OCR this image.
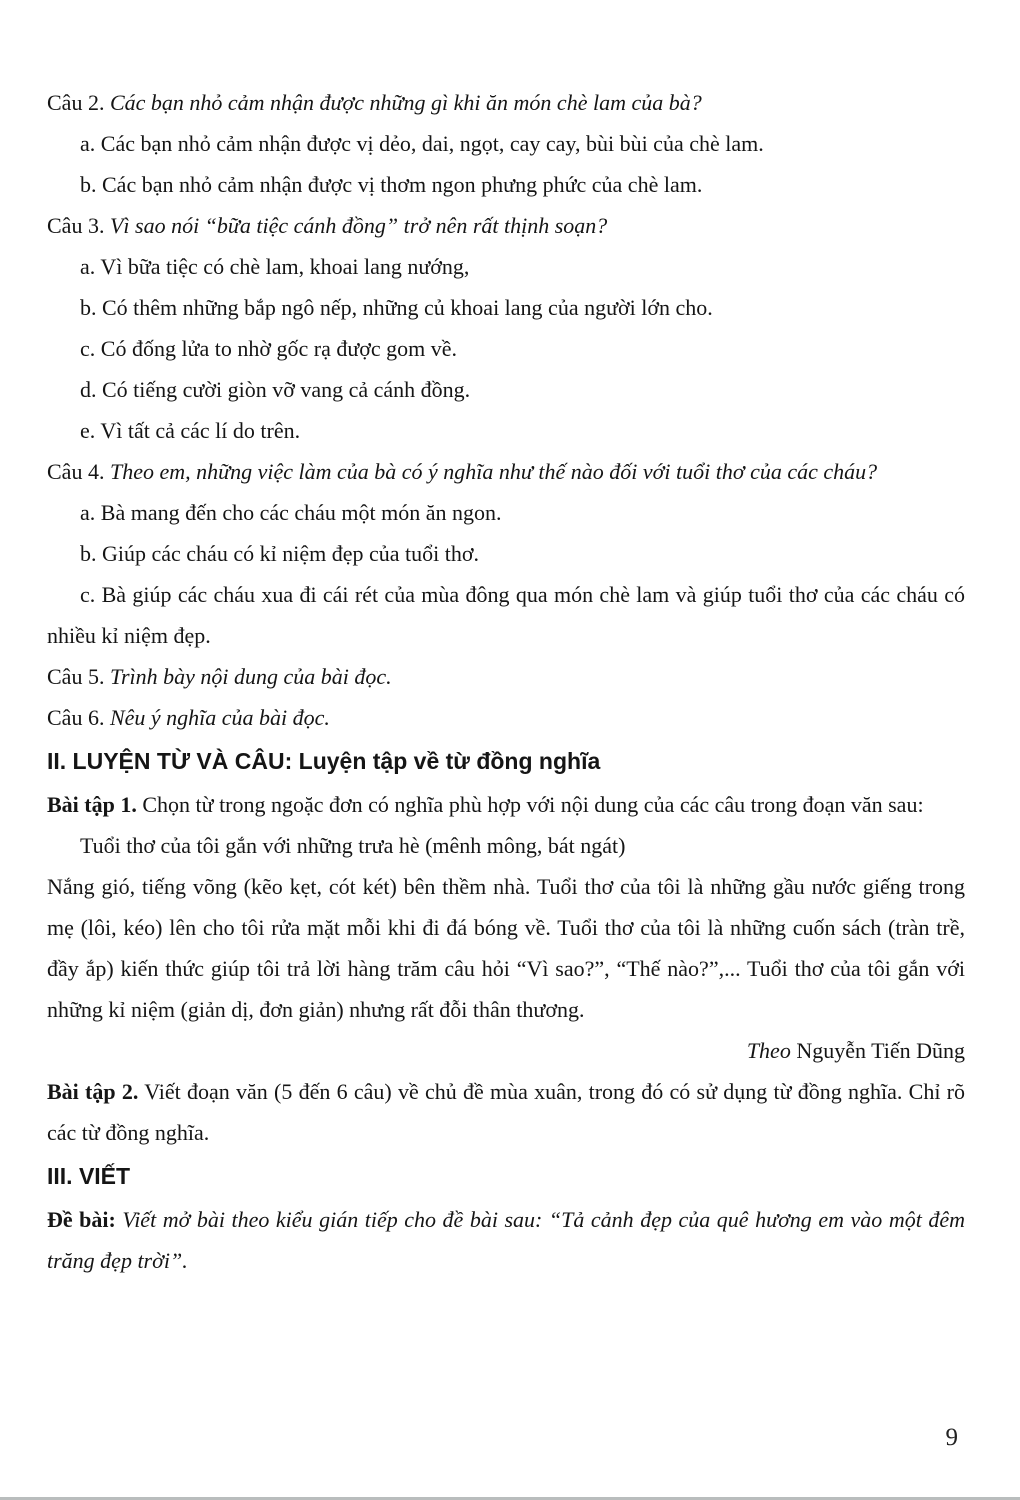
Câu 2. Các bạn nhỏ cảm nhận được những gì khi ăn món chè lam của bà?

a. Các bạn nhỏ cảm nhận được vị dẻo, dai, ngọt, cay cay, bùi bùi của chè lam.

b. Các bạn nhỏ cảm nhận được vị thơm ngon phưng phức của chè lam.

Câu 3. Vì sao nói “bữa tiệc cánh đồng” trở nên rất thịnh soạn?

a. Vì bữa tiệc có chè lam, khoai lang nướng,

b. Có thêm những bắp ngô nếp, những củ khoai lang của người lớn cho.

c. Có đống lửa to nhờ gốc rạ được gom về.

d. Có tiếng cười giòn vỡ vang cả cánh đồng.

e. Vì tất cả các lí do trên.

Câu 4. Theo em, những việc làm của bà có ý nghĩa như thế nào đối với tuổi thơ của các cháu?

a. Bà mang đến cho các cháu một món ăn ngon.

b. Giúp các cháu có kỉ niệm đẹp của tuổi thơ.

c. Bà giúp các cháu xua đi cái rét của mùa đông qua món chè lam và giúp tuổi thơ của các cháu có nhiều kỉ niệm đẹp.

Câu 5. Trình bày nội dung của bài đọc.

Câu 6. Nêu ý nghĩa của bài đọc.

II. LUYỆN TỪ VÀ CÂU: Luyện tập về từ đồng nghĩa

Bài tập 1. Chọn từ trong ngoặc đơn có nghĩa phù hợp với nội dung của các câu trong đoạn văn sau:

Tuổi thơ của tôi gắn với những trưa hè (mênh mông, bát ngát)

Nắng gió, tiếng võng (kẽo kẹt, cót két) bên thềm nhà. Tuổi thơ của tôi là những gầu nước giếng trong mẹ (lôi, kéo) lên cho tôi rửa mặt mỗi khi đi đá bóng về. Tuổi thơ của tôi là những cuốn sách (tràn trề, đầy ắp) kiến thức giúp tôi trả lời hàng trăm câu hỏi “Vì sao?”, “Thế nào?”,... Tuổi thơ của tôi gắn với những kỉ niệm (giản dị, đơn giản) nhưng rất đỗi thân thương.

Theo Nguyễn Tiến Dũng

Bài tập 2. Viết đoạn văn (5 đến 6 câu) về chủ đề mùa xuân, trong đó có sử dụng từ đồng nghĩa. Chỉ rõ các từ đồng nghĩa.

III. VIẾT

Đề bài: Viết mở bài theo kiểu gián tiếp cho đề bài sau: “Tả cảnh đẹp của quê hương em vào một đêm trăng đẹp trời”.

9
